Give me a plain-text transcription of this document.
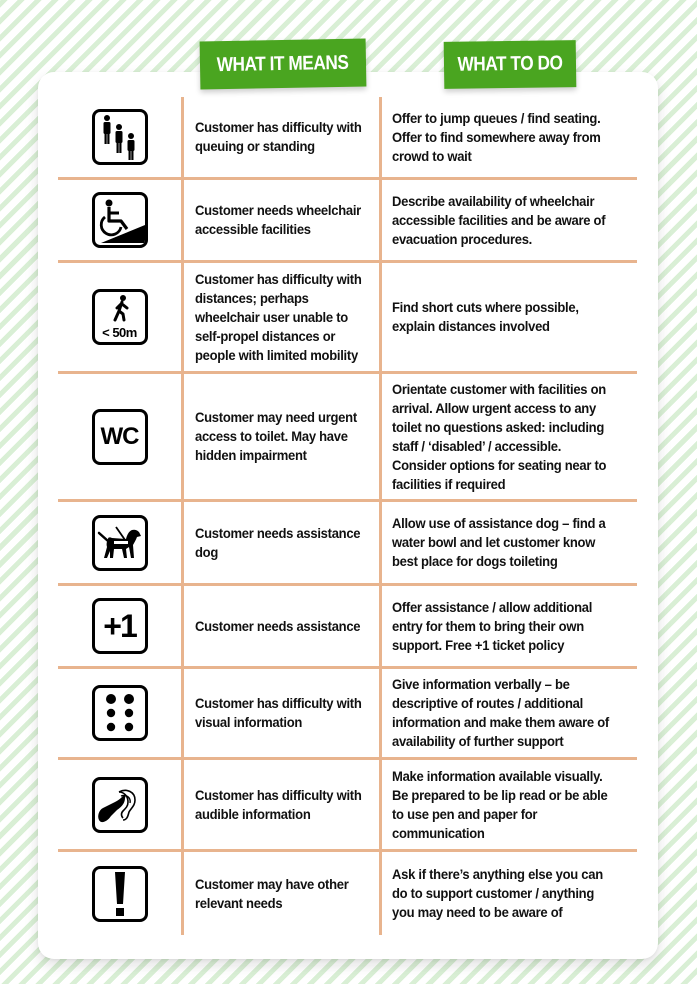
WHAT IT MEANS	WHAT TO DO
Customer has difficulty with queuing or standing
Offer to jump queues / find seating. Offer to find somewhere away from crowd to wait
Customer needs wheelchair accessible facilities
Describe availability of wheelchair accessible facilities and be aware of evacuation procedures.
< 50m
Customer has difficulty with distances; perhaps wheelchair user unable to self-propel distances or people with limited mobility
Find short cuts where possible, explain distances involved
WC
Customer may need urgent access to toilet. May have hidden impairment
Orientate customer with facilities on arrival. Allow urgent access to any toilet no questions asked: including staff / ‘disabled’ / accessible. Consider options for seating near to facilities if required
Customer needs assistance dog
Allow use of assistance dog – find a water bowl and let customer know best place for dogs toileting
+1	Customer needs assistance
Offer assistance / allow additional entry for them to bring their own support. Free +1 ticket policy
Customer has difficulty with visual information
Give information verbally – be descriptive of routes / additional information and make them aware of availability of further support
Customer has difficulty with audible information
Make information available visually. Be prepared to be lip read or be able to use pen and paper for communication
Customer may have other relevant needs
Ask if there’s anything else you can do to support customer / anything you may need to be aware of
